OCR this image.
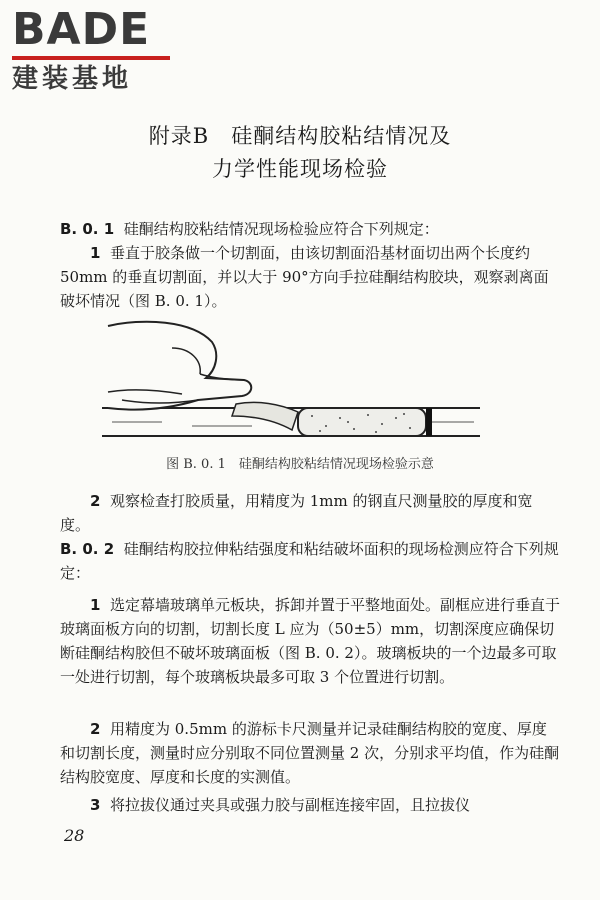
BADE
建装基地
附录B　硅酮结构胶粘结情况及
力学性能现场检验

B. 0. 1 硅酮结构胶粘结情况现场检验应符合下列规定：

1 垂直于胶条做一个切割面，由该切割面沿基材面切出两个长度约 50mm 的垂直切割面，并以大于 90°方向手拉硅酮结构胶块，观察剥离面破坏情况（图 B. 0. 1）。

图 B. 0. 1　硅酮结构胶粘结情况现场检验示意

2 观察检查打胶质量，用精度为 1mm 的钢直尺测量胶的厚度和宽度。

B. 0. 2 硅酮结构胶拉伸粘结强度和粘结破坏面积的现场检测应符合下列规定：

1 选定幕墙玻璃单元板块，拆卸并置于平整地面处。副框应进行垂直于玻璃面板方向的切割，切割长度 L 应为（50±5）mm，切割深度应确保切断硅酮结构胶但不破坏玻璃面板（图 B. 0. 2）。玻璃板块的一个边最多可取一处进行切割，每个玻璃板块最多可取 3 个位置进行切割。

2 用精度为 0.5mm 的游标卡尺测量并记录硅酮结构胶的宽度、厚度和切割长度，测量时应分别取不同位置测量 2 次，分别求平均值，作为硅酮结构胶宽度、厚度和长度的实测值。

3 将拉拔仪通过夹具或强力胶与副框连接牢固，且拉拔仪

28
